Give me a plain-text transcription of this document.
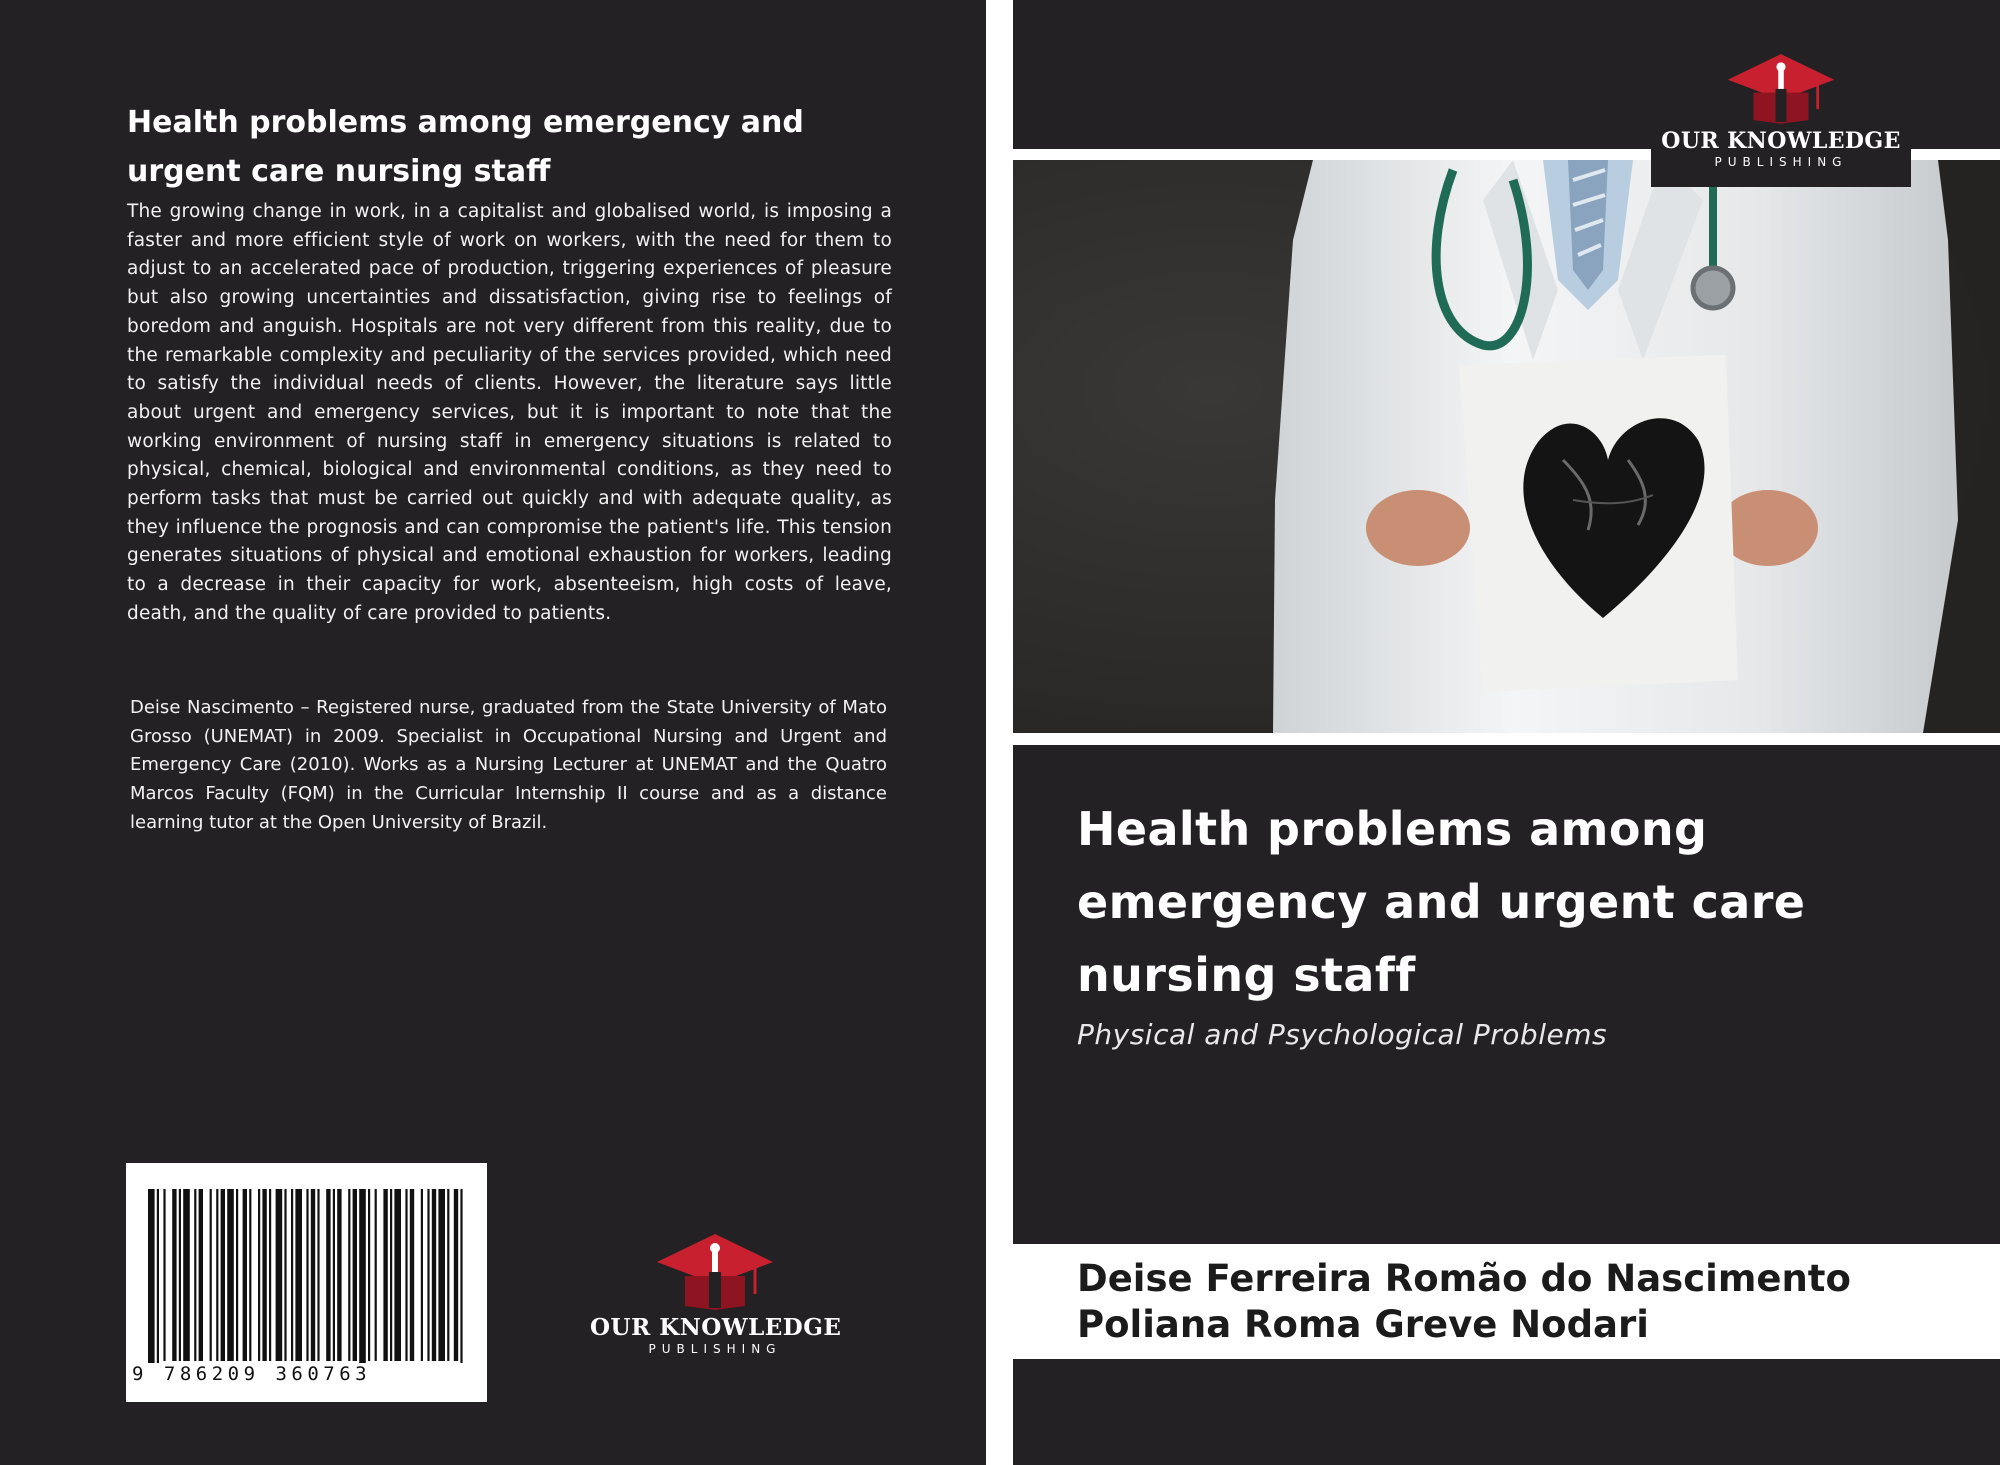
Health problems among emergency and
urgent care nursing staff
The growing change in work, in a capitalist and globalised world, is imposing a faster and more efficient style of work on workers, with the need for them to adjust to an accelerated pace of production, triggering experiences of pleasure but also growing uncertainties and dissatisfaction, giving rise to feelings of boredom and anguish. Hospitals are not very different from this reality, due to the remarkable complexity and peculiarity of the services provided, which need to satisfy the individual needs of clients. However, the literature says little about urgent and emergency services, but it is important to note that the working environment of nursing staff in emergency situations is related to physical, chemical, biological and environmental conditions, as they need to perform tasks that must be carried out quickly and with adequate quality, as they influence the prognosis and can compromise the patient's life. This tension generates situations of physical and emotional exhaustion for workers, leading to a decrease in their capacity for work, absenteeism, high costs of leave, death, and the quality of care provided to patients.
Deise Nascimento – Registered nurse, graduated from the State University of Mato Grosso (UNEMAT) in 2009. Specialist in Occupational Nursing and Urgent and Emergency Care (2010). Works as a Nursing Lecturer at UNEMAT and the Quatro Marcos Faculty (FQM) in the Curricular Internship II course and as a distance learning tutor at the Open University of Brazil.
9 786209 360763
OUR KNOWLEDGE
PUBLISHING
OUR KNOWLEDGE
PUBLISHING
Health problems among
emergency and urgent care
nursing staff
Physical and Psychological Problems
Deise Ferreira Romão do Nascimento
Poliana Roma Greve Nodari
